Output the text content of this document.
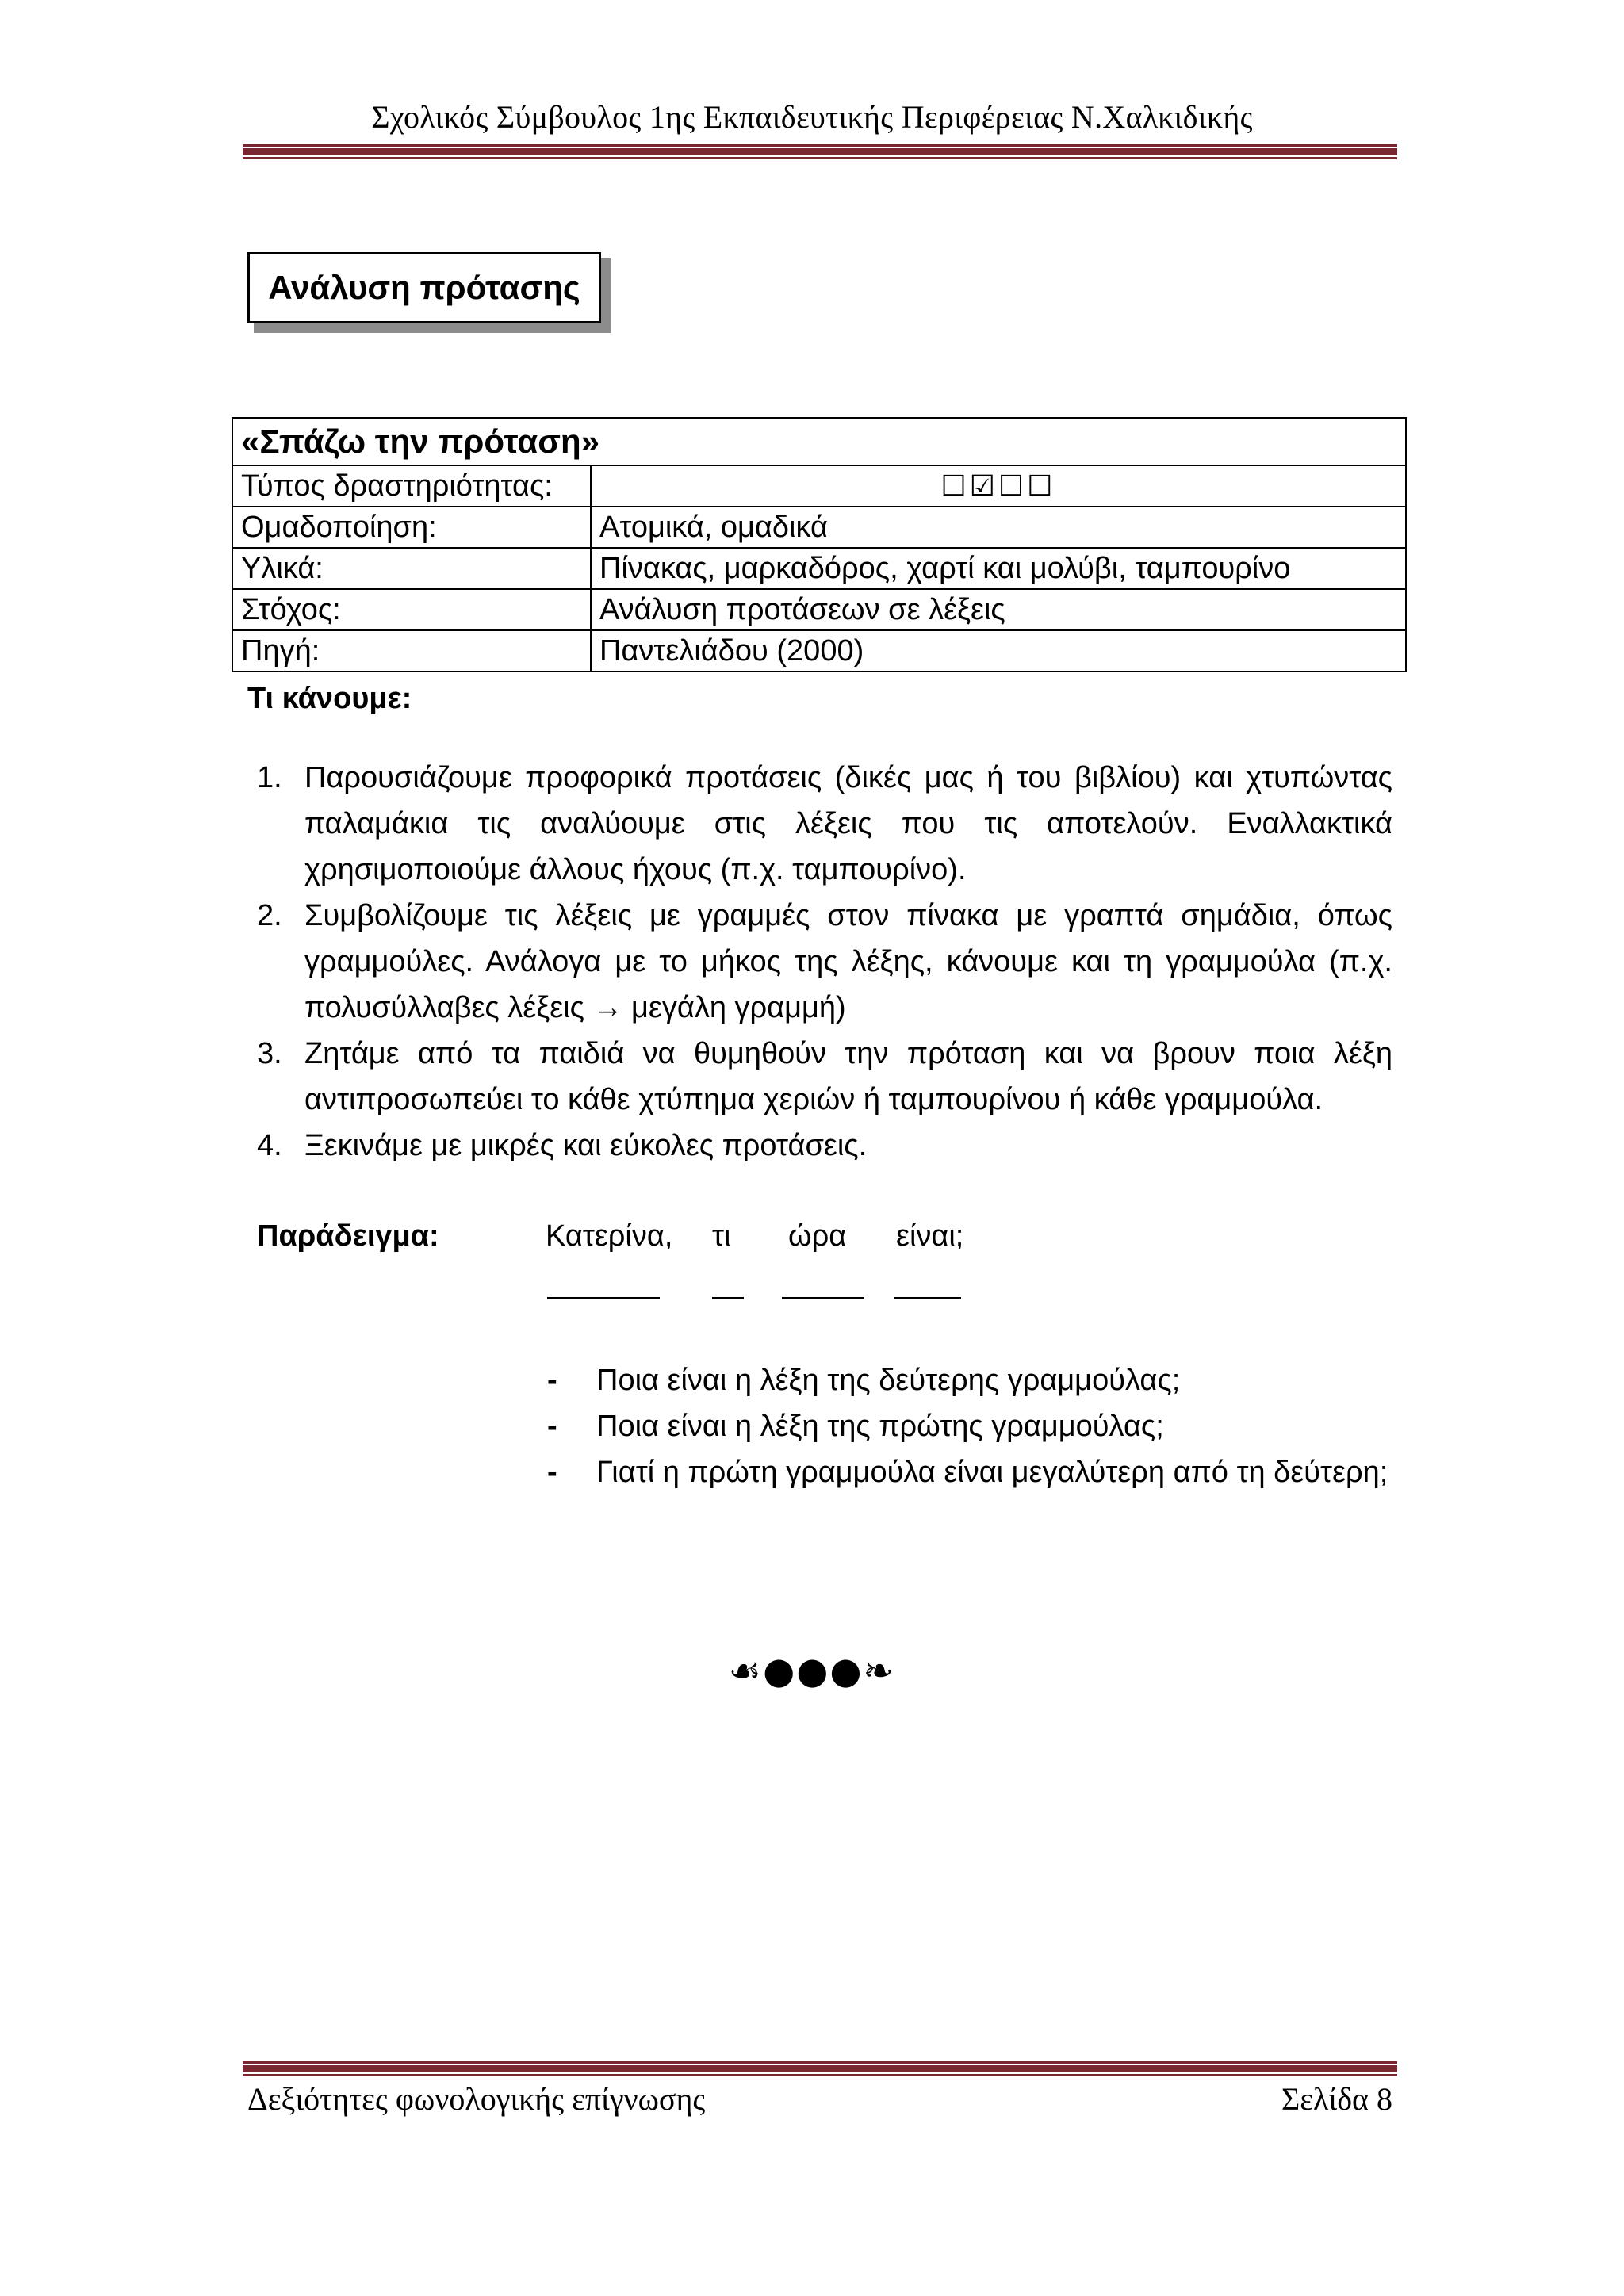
Σχολικός Σύμβουλος 1ης Εκπαιδευτικής Περιφέρειας Ν.Χαλκιδικής
Ανάλυση πρότασης
«Σπάζω την πρόταση»	
Τύπος δραστηριότητας:	☐☑☐☐
Ομαδοποίηση:	Ατομικά, ομαδικά
Υλικά:	Πίνακας, μαρκαδόρος, χαρτί και μολύβι, ταμπουρίνο
Στόχος:	Ανάλυση προτάσεων σε λέξεις
Πηγή:	Παντελιάδου (2000)
Τι κάνουμε:
1. Παρουσιάζουμε προφορικά προτάσεις (δικές μας ή του βιβλίου) και χτυπώντας παλαμάκια τις αναλύουμε στις λέξεις που τις αποτελούν. Εναλλακτικά χρησιμοποιούμε άλλους ήχους (π.χ. ταμπουρίνο).
2. Συμβολίζουμε τις λέξεις με γραμμές στον πίνακα με γραπτά σημάδια, όπως γραμμούλες. Ανάλογα με το μήκος της λέξης, κάνουμε και τη γραμμούλα (π.χ. πολυσύλλαβες λέξεις → μεγάλη γραμμή)
3. Ζητάμε από τα παιδιά να θυμηθούν την πρόταση και να βρουν ποια λέξη αντιπροσωπεύει το κάθε χτύπημα χεριών ή ταμπουρίνου ή κάθε γραμμούλα.
4. Ξεκινάμε με μικρές και εύκολες προτάσεις.
Παράδειγμα:	Κατερίνα, τι ώρα είναι;
- Ποια είναι η λέξη της δεύτερης γραμμούλας;
- Ποια είναι η λέξη της πρώτης γραμμούλας;
- Γιατί η πρώτη γραμμούλα είναι μεγαλύτερη από τη δεύτερη;
☙●●●❧
Δεξιότητες φωνολογικής επίγνωσης	Σελίδα 8
